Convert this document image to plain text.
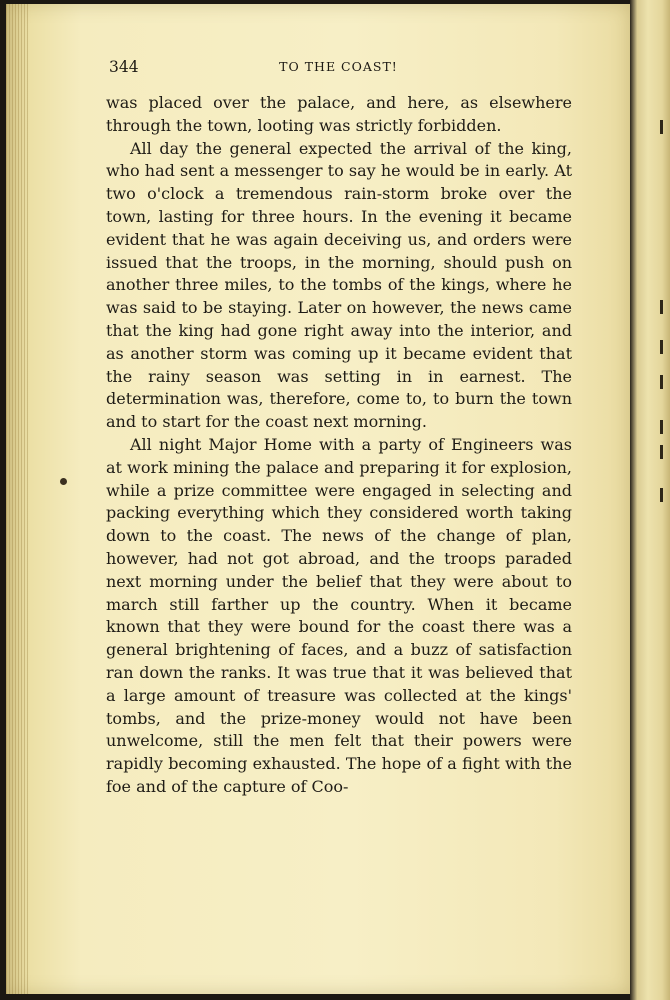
344	TO THE COAST!

was placed over the palace, and here, as elsewhere through the town, looting was strictly forbidden.

All day the general expected the arrival of the king, who had sent a messenger to say he would be in early. At two o'clock a tremendous rain-storm broke over the town, lasting for three hours. In the evening it became evident that he was again deceiving us, and orders were issued that the troops, in the morning, should push on another three miles, to the tombs of the kings, where he was said to be staying. Later on however, the news came that the king had gone right away into the interior, and as another storm was coming up it became evident that the rainy season was setting in in earnest. The determination was, therefore, come to, to burn the town and to start for the coast next morning.

All night Major Home with a party of Engineers was at work mining the palace and preparing it for explosion, while a prize committee were engaged in selecting and packing everything which they considered worth taking down to the coast. The news of the change of plan, however, had not got abroad, and the troops paraded next morning under the belief that they were about to march still farther up the country. When it became known that they were bound for the coast there was a general brightening of faces, and a buzz of satisfaction ran down the ranks. It was true that it was believed that a large amount of treasure was collected at the kings' tombs, and the prize-money would not have been unwelcome, still the men felt that their powers were rapidly becoming exhausted. The hope of a fight with the foe and of the capture of Coo-
